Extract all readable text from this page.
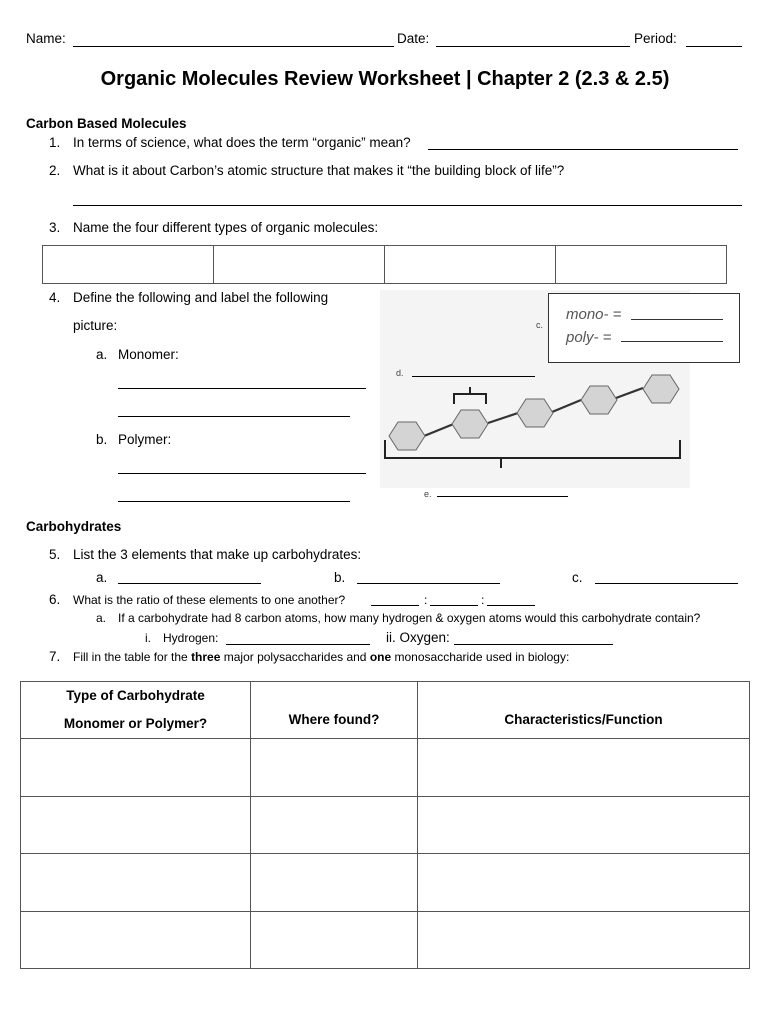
Name:	Date:	Period:
Organic Molecules Review Worksheet | Chapter 2 (2.3 & 2.5)
Carbon Based Molecules
1. In terms of science, what does the term “organic” mean?
2. What is it about Carbon’s atomic structure that makes it “the building block of life”?
3. Name the four different types of organic molecules:

4. Define the following and label the following
picture:
a. Monomer:
b. Polymer:
mono- =
poly- =
c.
d.
e.
Carbohydrates
5. List the 3 elements that make up carbohydrates:
a.	b.	c.
6. What is the ratio of these elements to one another?	:	:
a. If a carbohydrate had 8 carbon atoms, how many hydrogen & oxygen atoms would this carbohydrate contain?
i. Hydrogen:	ii. Oxygen:
7. Fill in the table for the three major polysaccharides and one monosaccharide used in biology:
Type of Carbohydrate
Monomer or Polymer?	Where found?	Characteristics/Function
